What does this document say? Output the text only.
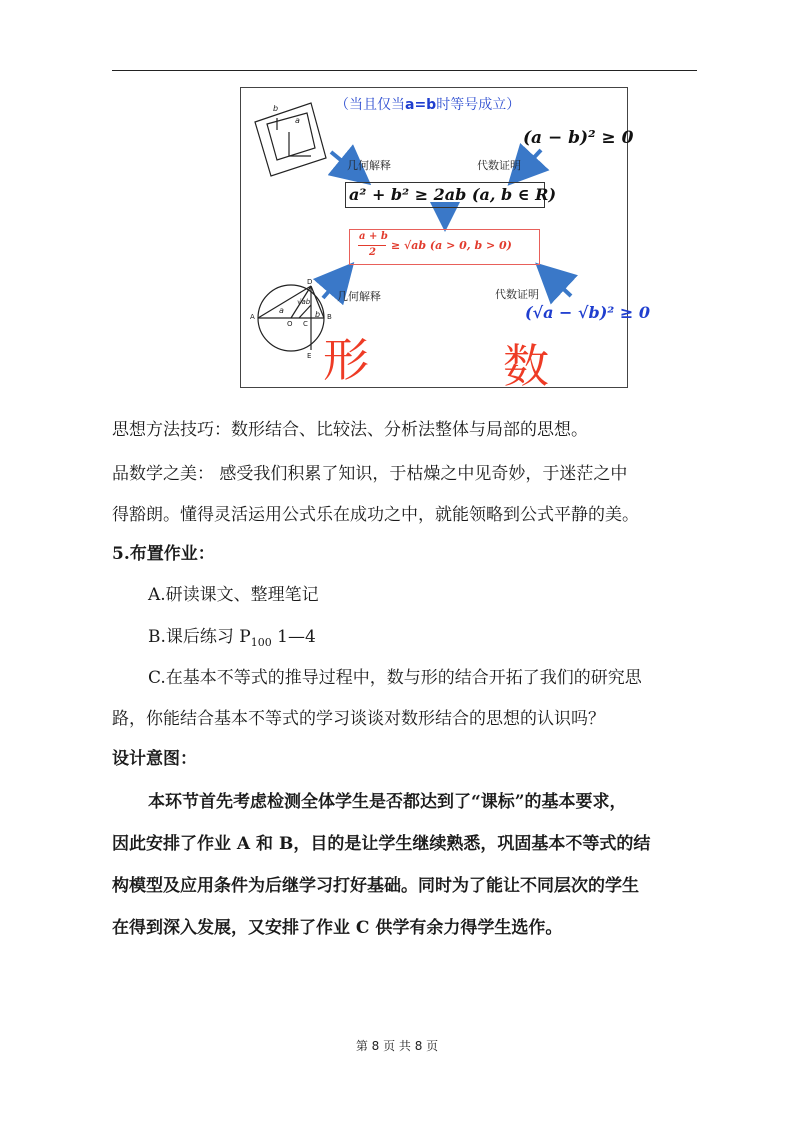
（当且仅当a=b时等号成立）
b
a
几何解释	代数证明
(a − b)² ≥ 0
a² + b² ≥ 2ab (a, b ∈ R)
a + b
2
≥ √ab (a > 0, b > 0)
几何解释	代数证明
(√a − √b)² ≥ 0
D
A
O C
B
E
a	b
√ab
形	数
思想方法技巧：数形结合、比较法、分析法整体与局部的思想。
品数学之美： 感受我们积累了知识，于枯燥之中见奇妙，于迷茫之中
得豁朗。懂得灵活运用公式乐在成功之中，就能领略到公式平静的美。
5.布置作业：
A.研读课文、整理笔记
B.课后练习 $P_{100}$ 1—4
C.在基本不等式的推导过程中，数与形的结合开拓了我们的研究思
路，你能结合基本不等式的学习谈谈对数形结合的思想的认识吗？
设计意图：
本环节首先考虑检测全体学生是否都达到了“课标”的基本要求，
因此安排了作业 A 和 B，目的是让学生继续熟悉，巩固基本不等式的结
构模型及应用条件为后继学习打好基础。同时为了能让不同层次的学生
在得到深入发展，又安排了作业 C 供学有余力得学生选作。
第 8 页 共 8 页
